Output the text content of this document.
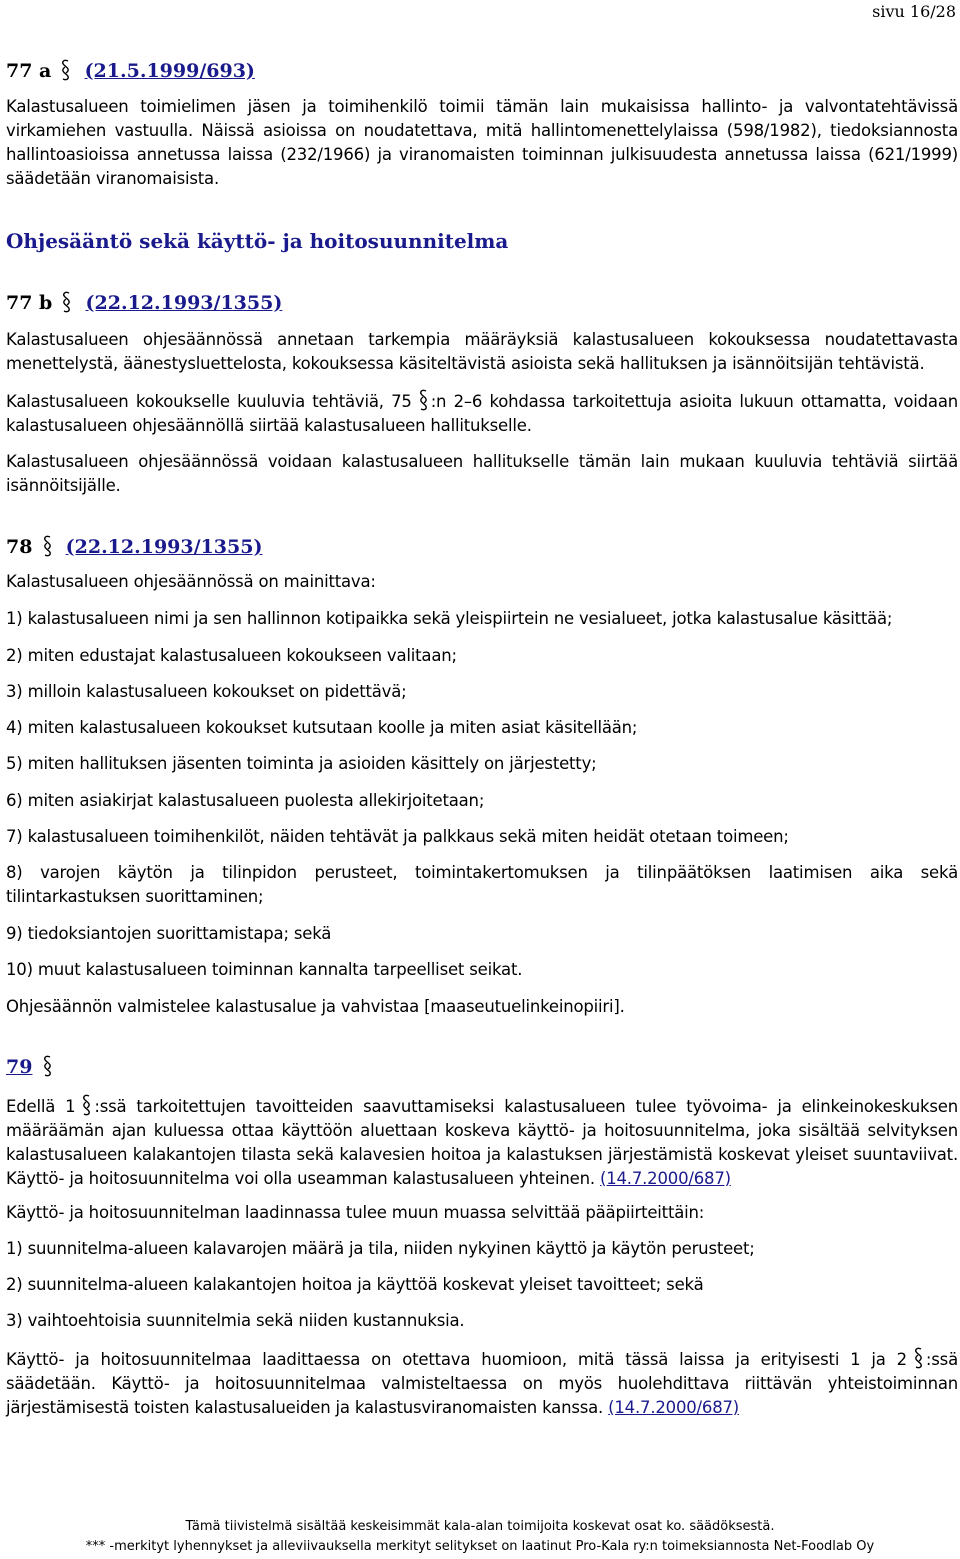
sivu 16/28
77 a (21.5.1999/693)

Kalastusalueen toimielimen jäsen ja toimihenkilö toimii tämän lain mukaisissa hallinto- ja valvontatehtävissä virkamiehen vastuulla. Näissä asioissa on noudatettava, mitä hallintomenettelylaissa (598/1982), tiedoksiannosta hallintoasioissa annetussa laissa (232/1966) ja viranomaisten toiminnan julkisuudesta annetussa laissa (621/1999) säädetään viranomaisista.

Ohjesääntö sekä käyttö- ja hoitosuunnitelma
77 b (22.12.1993/1355)

Kalastusalueen ohjesäännössä annetaan tarkempia määräyksiä kalastusalueen kokouksessa noudatettavasta menettelystä, äänestysluettelosta, kokouksessa käsiteltävistä asioista sekä hallituksen ja isännöitsijän tehtävistä.

Kalastusalueen kokoukselle kuuluvia tehtäviä, 75 :n 2–6 kohdassa tarkoitettuja asioita lukuun ottamatta, voidaan kalastusalueen ohjesäännöllä siirtää kalastusalueen hallitukselle.

Kalastusalueen ohjesäännössä voidaan kalastusalueen hallitukselle tämän lain mukaan kuuluvia tehtäviä siirtää isännöitsijälle.

78 (22.12.1993/1355)

Kalastusalueen ohjesäännössä on mainittava:

1) kalastusalueen nimi ja sen hallinnon kotipaikka sekä yleispiirtein ne vesialueet, jotka kalastusalue käsittää;

2) miten edustajat kalastusalueen kokoukseen valitaan;

3) milloin kalastusalueen kokoukset on pidettävä;

4) miten kalastusalueen kokoukset kutsutaan koolle ja miten asiat käsitellään;

5) miten hallituksen jäsenten toiminta ja asioiden käsittely on järjestetty;

6) miten asiakirjat kalastusalueen puolesta allekirjoitetaan;

7) kalastusalueen toimihenkilöt, näiden tehtävät ja palkkaus sekä miten heidät otetaan toimeen;

8) varojen käytön ja tilinpidon perusteet, toimintakertomuksen ja tilinpäätöksen laatimisen aika sekä tilintarkastuksen suorittaminen;

9) tiedoksiantojen suorittamistapa; sekä

10) muut kalastusalueen toiminnan kannalta tarpeelliset seikat.

Ohjesäännön valmistelee kalastusalue ja vahvistaa [maaseutuelinkeinopiiri].

79

Edellä 1 :ssä tarkoitettujen tavoitteiden saavuttamiseksi kalastusalueen tulee työvoima- ja elinkeinokeskuksen määräämän ajan kuluessa ottaa käyttöön aluettaan koskeva käyttö- ja hoitosuunnitelma, joka sisältää selvityksen kalastusalueen kalakantojen tilasta sekä kalavesien hoitoa ja kalastuksen järjestämistä koskevat yleiset suuntaviivat. Käyttö- ja hoitosuunnitelma voi olla useamman kalastusalueen yhteinen. (14.7.2000/687)

Käyttö- ja hoitosuunnitelman laadinnassa tulee muun muassa selvittää pääpiirteittäin:

1) suunnitelma-alueen kalavarojen määrä ja tila, niiden nykyinen käyttö ja käytön perusteet;

2) suunnitelma-alueen kalakantojen hoitoa ja käyttöä koskevat yleiset tavoitteet; sekä

3) vaihtoehtoisia suunnitelmia sekä niiden kustannuksia.

Käyttö- ja hoitosuunnitelmaa laadittaessa on otettava huomioon, mitä tässä laissa ja erityisesti 1 ja 2 :ssä säädetään. Käyttö- ja hoitosuunnitelmaa valmisteltaessa on myös huolehdittava riittävän yhteistoiminnan järjestämisestä toisten kalastusalueiden ja kalastusviranomaisten kanssa. (14.7.2000/687)

Tämä tiivistelmä sisältää keskeisimmät kala-alan toimijoita koskevat osat ko. säädöksestä.
*** -merkityt lyhennykset ja alleviivauksella merkityt selitykset on laatinut Pro-Kala ry:n toimeksiannosta Net-Foodlab Oy
